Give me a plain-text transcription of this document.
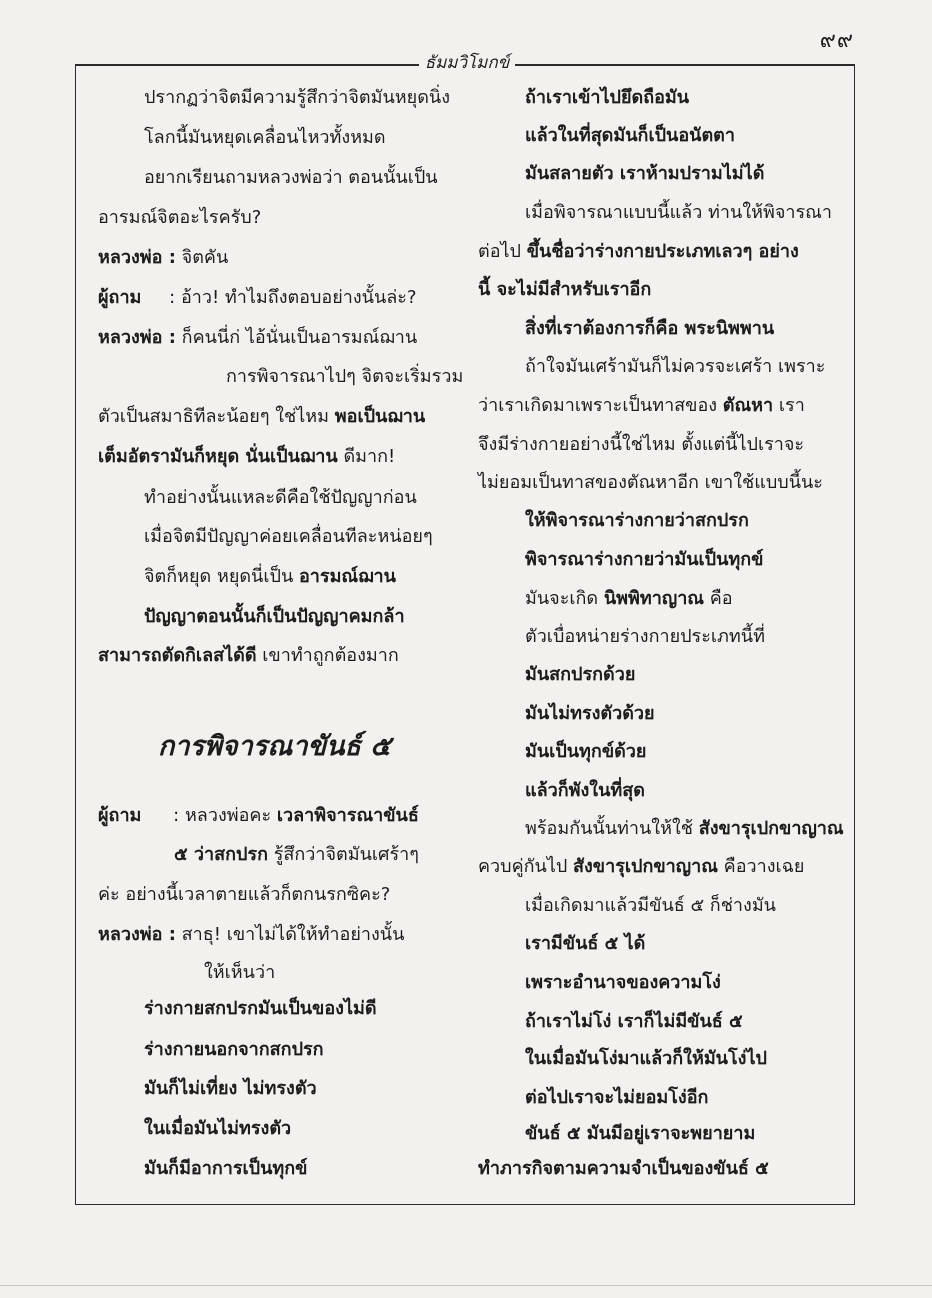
๙๙
ธัมมวิโมกข์
ปรากฏว่าจิตมีความรู้สึกว่าจิตมันหยุดนิ่ง
โลกนี้มันหยุดเคลื่อนไหวทั้งหมด
อยากเรียนถามหลวงพ่อว่า ตอนนั้นเป็น
อารมณ์จิตอะไรครับ?
หลวงพ่อ : จิตคัน
ผู้ถาม : อ้าว! ทำไมถึงตอบอย่างนั้นล่ะ?
หลวงพ่อ : ก็คนนี่ก่ ไอ้นั่นเป็นอารมณ์ฌาน
การพิจารณาไปๆ จิตจะเริ่มรวม
ตัวเป็นสมาธิทีละน้อยๆ ใช่ไหม พอเป็นฌาน
เต็มอัตรามันก็หยุด นั่นเป็นฌาน ดีมาก!
ทำอย่างนั้นแหละดีคือใช้ปัญญาก่อน
เมื่อจิตมีปัญญาค่อยเคลื่อนทีละหน่อยๆ
จิตก็หยุด หยุดนี่เป็น อารมณ์ฌาน
ปัญญาตอนนั้นก็เป็นปัญญาคมกล้า
สามารถตัดกิเลสได้ดี เขาทำถูกต้องมาก
การพิจารณาขันธ์ ๕
ผู้ถาม : หลวงพ่อคะ เวลาพิจารณาขันธ์
๕ ว่าสกปรก รู้สึกว่าจิตมันเศร้าๆ
ค่ะ อย่างนี้เวลาตายแล้วก็ตกนรกซิคะ?
หลวงพ่อ : สาธุ! เขาไม่ได้ให้ทำอย่างนั้น
ให้เห็นว่า
ร่างกายสกปรกมันเป็นของไม่ดี
ร่างกายนอกจากสกปรก
มันก็ไม่เที่ยง ไม่ทรงตัว
ในเมื่อมันไม่ทรงตัว
มันก็มีอาการเป็นทุกข์
ถ้าเราเข้าไปยึดถือมัน
แล้วในที่สุดมันก็เป็นอนัตตา
มันสลายตัว เราห้ามปรามไม่ได้
เมื่อพิจารณาแบบนี้แล้ว ท่านให้พิจารณา
ต่อไป ขึ้นชื่อว่าร่างกายประเภทเลวๆ อย่าง
นี้ จะไม่มีสำหรับเราอีก
สิ่งที่เราต้องการก็คือ พระนิพพาน
ถ้าใจมันเศร้ามันก็ไม่ควรจะเศร้า เพราะ
ว่าเราเกิดมาเพราะเป็นทาสของ ตัณหา เรา
จึงมีร่างกายอย่างนี้ใช่ไหม ตั้งแต่นี้ไปเราจะ
ไม่ยอมเป็นทาสของตัณหาอีก เขาใช้แบบนี้นะ
ให้พิจารณาร่างกายว่าสกปรก
พิจารณาร่างกายว่ามันเป็นทุกข์
มันจะเกิด นิพพิทาญาณ คือ
ตัวเบื่อหน่ายร่างกายประเภทนี้ที่
มันสกปรกด้วย
มันไม่ทรงตัวด้วย
มันเป็นทุกข์ด้วย
แล้วก็พังในที่สุด
พร้อมกันนั้นท่านให้ใช้ สังขารุเปกขาญาณ
ควบคู่กันไป สังขารุเปกขาญาณ คือวางเฉย
เมื่อเกิดมาแล้วมีขันธ์ ๕ ก็ช่างมัน
เรามีขันธ์ ๕ ได้
เพราะอำนาจของความโง่
ถ้าเราไม่โง่ เราก็ไม่มีขันธ์ ๕
ในเมื่อมันโง่มาแล้วก็ให้มันโง่ไป
ต่อไปเราจะไม่ยอมโง่อีก
ขันธ์ ๕ มันมีอยู่เราจะพยายาม
ทำภารกิจตามความจำเป็นของขันธ์ ๕
